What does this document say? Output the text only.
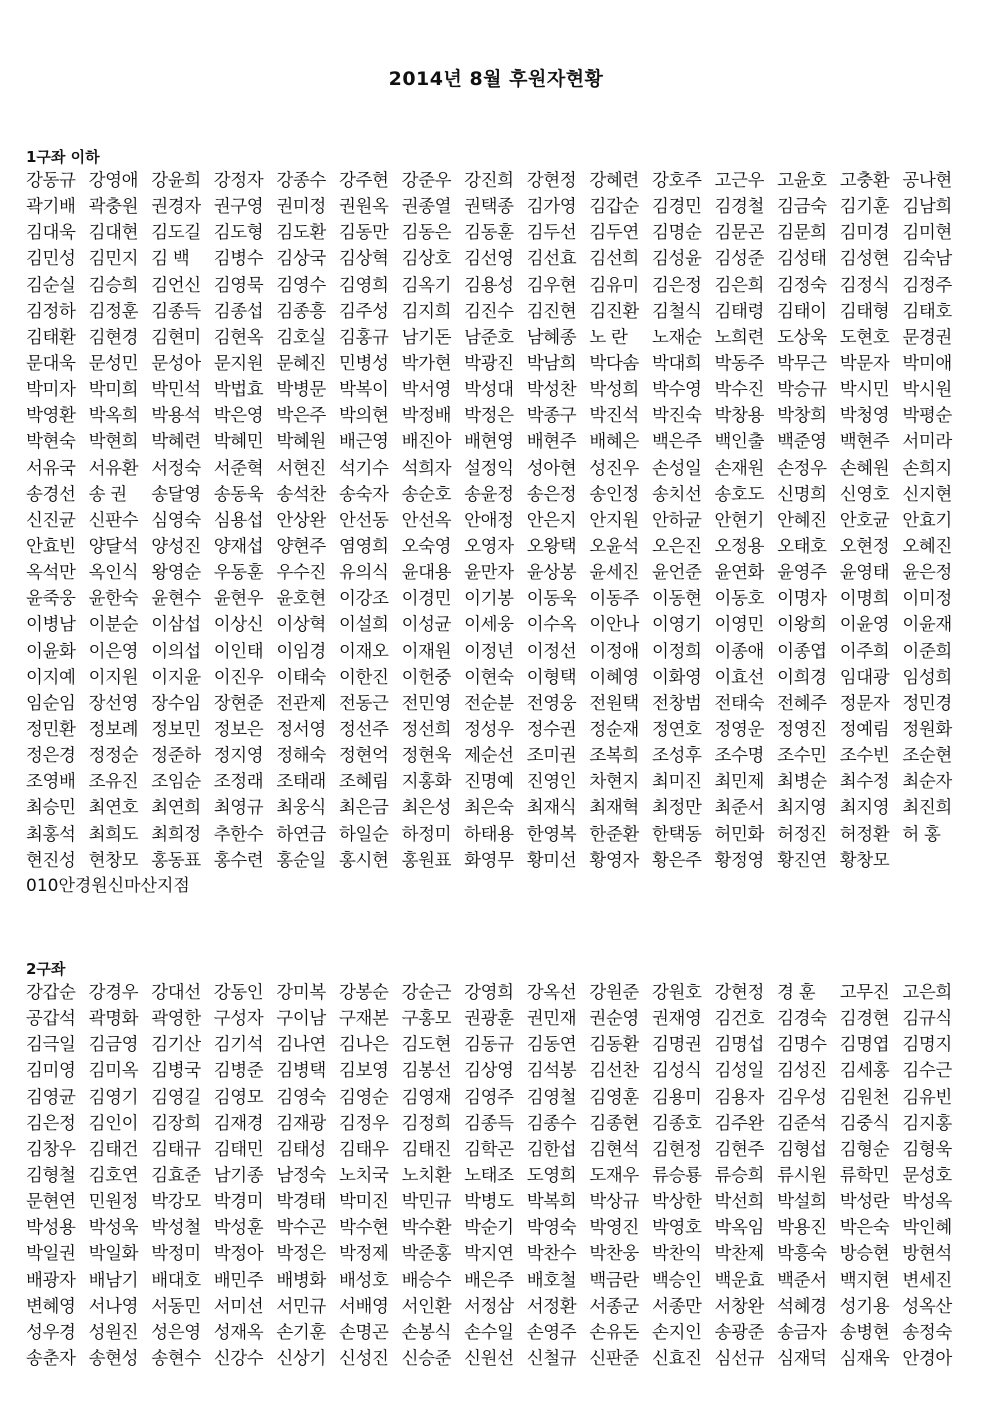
2014년 8월 후원자현황
1구좌 이하
강동규 강영애 강윤희 강정자 강종수 강주현 강준우 강진희 강현정 강혜련 강호주 고근우 고윤호 고충환 공나현
곽기배 곽충원 권경자 권구영 권미정 권원옥 권종열 권택종 김가영 김갑순 김경민 김경철 김금숙 김기훈 김남희
김대욱 김대현 김도길 김도형 김도환 김동만 김동은 김동훈 김두선 김두연 김명순 김문곤 김문희 김미경 김미현
김민성 김민지 김 백	김병수 김상국 김상혁 김상호 김선영 김선효 김선희 김성윤 김성준 김성태 김성현 김숙남
김순실 김승희 김언신 김영묵 김영수 김영희 김옥기 김용성 김우현 김유미 김은정 김은희 김정숙 김정식 김정주
김정하 김정훈 김종득 김종섭 김종흥 김주성 김지희 김진수 김진현 김진환 김철식 김태령 김태이 김태형 김태호
김태환 김현경 김현미 김현옥 김호실 김홍규 남기돈 남준호 남혜종 노 란	노재순 노희련 도상욱 도현호 문경권
문대욱 문성민 문성아 문지원 문혜진 민병성 박가현 박광진 박남희 박다솜 박대희 박동주 박무근 박문자 박미애
박미자 박미희 박민석 박법효 박병문 박복이 박서영 박성대 박성찬 박성희 박수영 박수진 박승규 박시민 박시원
박영환 박옥희 박용석 박은영 박은주 박의현 박정배 박정은 박종구 박진석 박진숙 박창용 박창희 박청영 박평순
박현숙 박현희 박혜련 박혜민 박혜원 배근영 배진아 배현영 배현주 배혜은 백은주 백인출 백준영 백현주 서미라
서유국 서유환 서정숙 서준혁 서현진 석기수 석희자 설정익 성아현 성진우 손성일 손재원 손정우 손혜원 손희지
송경선 송 권	송달영 송동욱 송석찬 송숙자 송순호 송윤정 송은정 송인정 송치선 송호도 신명희 신영호 신지현
신진균 신판수 심영숙 심용섭 안상완 안선동 안선옥 안애정 안은지 안지원 안하균 안현기 안혜진 안호균 안효기
안효빈 양달석 양성진 양재섭 양현주 염영희 오숙영 오영자 오왕택 오윤석 오은진 오정용 오태호 오현정 오혜진
옥석만 옥인식 왕영순 우동훈 우수진 유의식 윤대용 윤만자 윤상봉 윤세진 윤언준 윤연화 윤영주 윤영태 윤은정
윤죽웅 윤한숙 윤현수 윤현우 윤호현 이강조 이경민 이기봉 이동욱 이동주 이동현 이동호 이명자 이명희 이미정
이병남 이분순 이삼섭 이상신 이상혁 이설희 이성균 이세웅 이수옥 이안나 이영기 이영민 이왕희 이윤영 이윤재
이윤화 이은영 이의섭 이인태 이임경 이재오 이재원 이정년 이정선 이정애 이정희 이종애 이종엽 이주희 이준희
이지예 이지원 이지윤 이진우 이태숙 이한진 이헌중 이현숙 이형택 이혜영 이화영 이효선 이희경 임대광 임성희
임순임 장선영 장수임 장현준 전관제 전동근 전민영 전순분 전영웅 전원택 전창범 전태숙 전혜주 정문자 정민경
정민환 정보례 정보민 정보은 정서영 정선주 정선희 정성우 정수권 정순재 정연호 정영운 정영진 정예림 정원화
정은경 정정순 정준하 정지영 정해숙 정현억 정현욱 제순선 조미권 조복희 조성후 조수명 조수민 조수빈 조순현
조영배 조유진 조임순 조정래 조태래 조혜림 지홍화 진명예 진영인 차현지 최미진 최민제 최병순 최수정 최순자
최승민 최연호 최연희 최영규 최웅식 최은금 최은성 최은숙 최재식 최재혁 최정만 최준서 최지영 최지영 최진희
최홍석 최희도 최희정 추한수 하연금 하일순 하정미 하태용 한영복 한준환 한택동 허민화 허정진 허정환 허 홍
현진성 현창모 홍동표 홍수련 홍순일 홍시현 홍원표 화영무 황미선 황영자 황은주 황정영 황진연 황창모
010안경원신마산지점
2구좌
강갑순 강경우 강대선 강동인 강미복 강봉순 강순근 강영희 강옥선 강원준 강원호 강현정 경 훈	고무진 고은희
공갑석 곽명화 곽영한 구성자 구이남 구재본 구홍모 권광훈 권민재 권순영 권재영 김건호 김경숙 김경현 김규식
김극일 김금영 김기산 김기석 김나연 김나은 김도현 김동규 김동연 김동환 김명권 김명섭 김명수 김명엽 김명지
김미영 김미옥 김병국 김병준 김병택 김보영 김봉선 김상영 김석봉 김선찬 김성식 김성일 김성진 김세홍 김수근
김영균 김영기 김영길 김영모 김영숙 김영순 김영재 김영주 김영철 김영훈 김용미 김용자 김우성 김원천 김유빈
김은정 김인이 김장희 김재경 김재광 김정우 김정희 김종득 김종수 김종현 김종호 김주완 김준석 김중식 김지홍
김창우 김태건 김태규 김태민 김태성 김태우 김태진 김학곤 김한섭 김현석 김현정 김현주 김형섭 김형순 김형욱
김형철 김호연 김효준 남기종 남정숙 노치국 노치환 노태조 도영희 도재우 류승룡 류승희 류시원 류학민 문성호
문현연 민원정 박강모 박경미 박경태 박미진 박민규 박병도 박복희 박상규 박상한 박선희 박설희 박성란 박성옥
박성용 박성욱 박성철 박성훈 박수곤 박수현 박수환 박순기 박영숙 박영진 박영호 박옥임 박용진 박은숙 박인혜
박일권 박일화 박정미 박정아 박정은 박정제 박준홍 박지연 박찬수 박찬웅 박찬익 박찬제 박흥숙 방승현 방현석
배광자 배남기 배대호 배민주 배병화 배성호 배승수 배은주 배호철 백금란 백승인 백운효 백준서 백지현 변세진
변혜영 서나영 서동민 서미선 서민규 서배영 서인환 서정삼 서정환 서종군 서종만 서창완 석혜경 성기용 성옥산
성우경 성원진 성은영 성재옥 손기훈 손명곤 손봉식 손수일 손영주 손유돈 손지인 송광준 송금자 송병현 송정숙
송춘자 송현성 송현수 신강수 신상기 신성진 신승준 신원선 신철규 신판준 신효진 심선규 심재덕 심재욱 안경아
